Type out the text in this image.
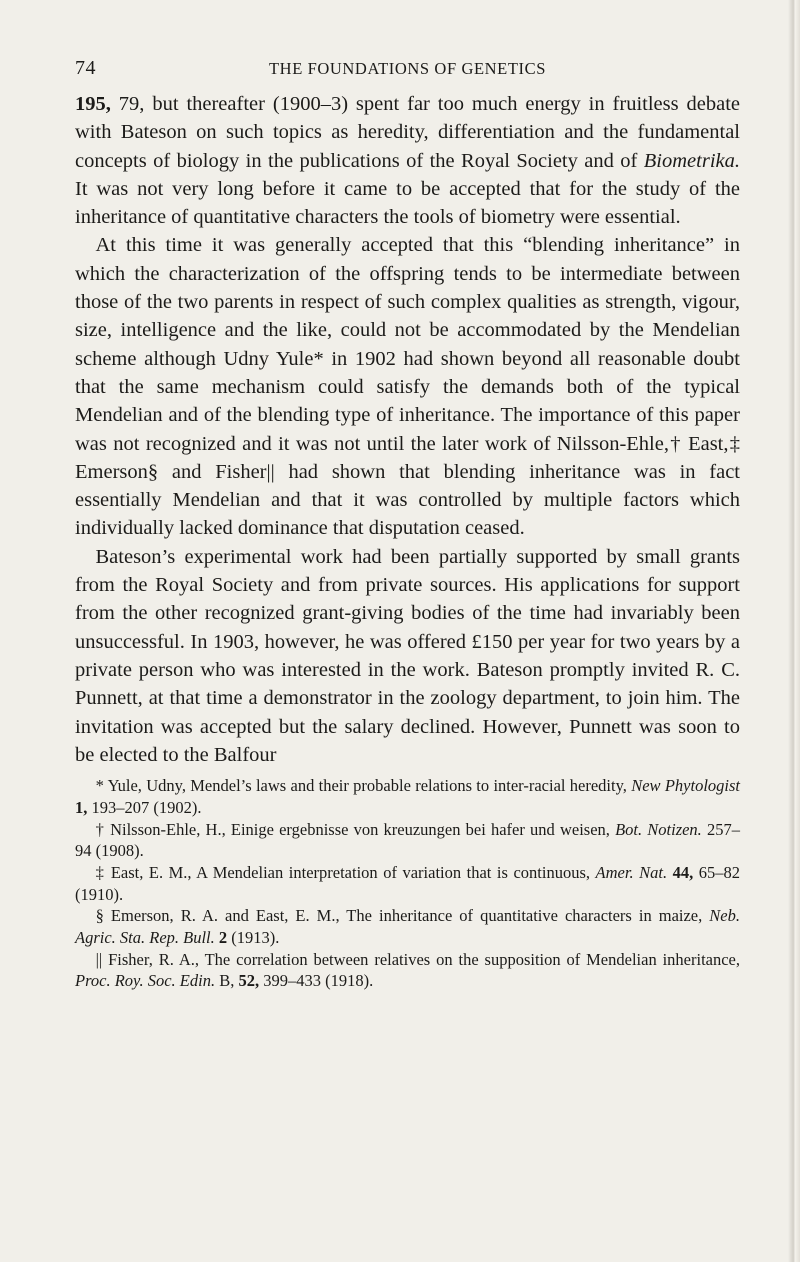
74	THE FOUNDATIONS OF GENETICS

195, 79, but thereafter (1900–3) spent far too much energy in fruitless debate with Bateson on such topics as heredity, differentiation and the fundamental concepts of biology in the publications of the Royal Society and of Biometrika. It was not very long before it came to be accepted that for the study of the inheritance of quantitative characters the tools of biometry were essential.

At this time it was generally accepted that this “blending inheritance” in which the characterization of the offspring tends to be intermediate between those of the two parents in respect of such complex qualities as strength, vigour, size, intelligence and the like, could not be accommodated by the Mendelian scheme although Udny Yule* in 1902 had shown beyond all reasonable doubt that the same mechanism could satisfy the demands both of the typical Mendelian and of the blending type of inheritance. The importance of this paper was not recognized and it was not until the later work of Nilsson-Ehle,† East,‡ Emerson§ and Fisher|| had shown that blending inheritance was in fact essentially Mendelian and that it was controlled by multiple factors which individually lacked dominance that disputation ceased.

Bateson’s experimental work had been partially supported by small grants from the Royal Society and from private sources. His applications for support from the other recognized grant-giving bodies of the time had invariably been unsuccessful. In 1903, however, he was offered £150 per year for two years by a private person who was interested in the work. Bateson promptly invited R. C. Punnett, at that time a demonstrator in the zoology department, to join him. The invitation was accepted but the salary declined. However, Punnett was soon to be elected to the Balfour

* Yule, Udny, Mendel’s laws and their probable relations to inter-racial heredity, New Phytologist 1, 193–207 (1902).

† Nilsson-Ehle, H., Einige ergebnisse von kreuzungen bei hafer und weisen, Bot. Notizen. 257–94 (1908).

‡ East, E. M., A Mendelian interpretation of variation that is continuous, Amer. Nat. 44, 65–82 (1910).

§ Emerson, R. A. and East, E. M., The inheritance of quantitative characters in maize, Neb. Agric. Sta. Rep. Bull. 2 (1913).

|| Fisher, R. A., The correlation between relatives on the supposition of Mendelian inheritance, Proc. Roy. Soc. Edin. B, 52, 399–433 (1918).
